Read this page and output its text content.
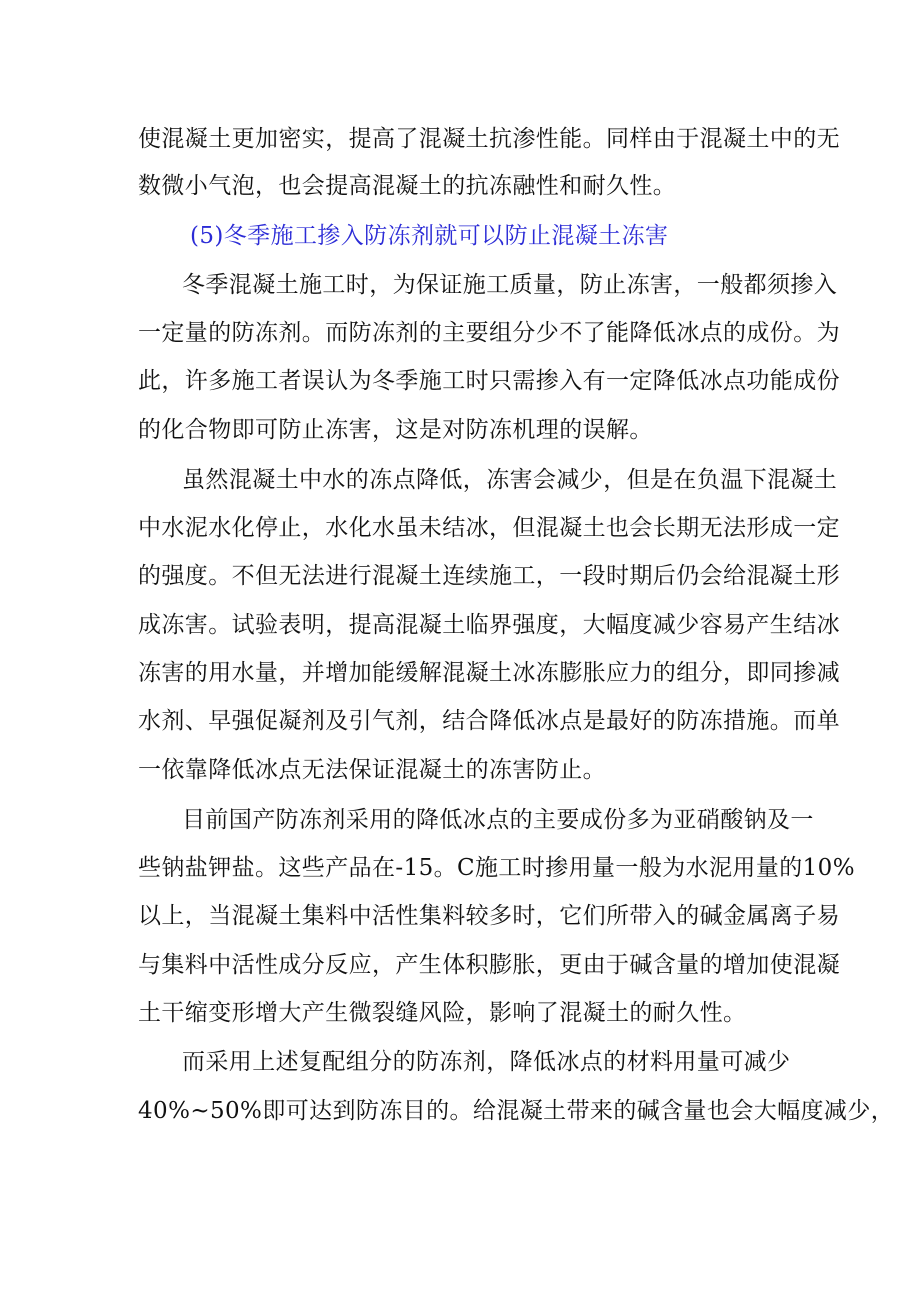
使混凝土更加密实，提高了混凝土抗渗性能。同样由于混凝土中的无
数微小气泡，也会提高混凝土的抗冻融性和耐久性。
(5)冬季施工掺入防冻剂就可以防止混凝土冻害
冬季混凝土施工时，为保证施工质量，防止冻害，一般都须掺入
一定量的防冻剂。而防冻剂的主要组分少不了能降低冰点的成份。为
此，许多施工者误认为冬季施工时只需掺入有一定降低冰点功能成份
的化合物即可防止冻害，这是对防冻机理的误解。
虽然混凝土中水的冻点降低，冻害会减少，但是在负温下混凝土
中水泥水化停止，水化水虽未结冰，但混凝土也会长期无法形成一定
的强度。不但无法进行混凝土连续施工，一段时期后仍会给混凝土形
成冻害。试验表明，提高混凝土临界强度，大幅度减少容易产生结冰
冻害的用水量，并增加能缓解混凝土冰冻膨胀应力的组分，即同掺减
水剂、早强促凝剂及引气剂，结合降低冰点是最好的防冻措施。而单
一依靠降低冰点无法保证混凝土的冻害防止。
目前国产防冻剂采用的降低冰点的主要成份多为亚硝酸钠及一
些钠盐钾盐。这些产品在-15。C施工时掺用量一般为水泥用量的10%
以上，当混凝土集料中活性集料较多时，它们所带入的碱金属离子易
与集料中活性成分反应，产生体积膨胀，更由于碱含量的增加使混凝
土干缩变形增大产生微裂缝风险，影响了混凝土的耐久性。
而采用上述复配组分的防冻剂，降低冰点的材料用量可减少
40%~50%即可达到防冻目的。给混凝土带来的碱含量也会大幅度减少，
